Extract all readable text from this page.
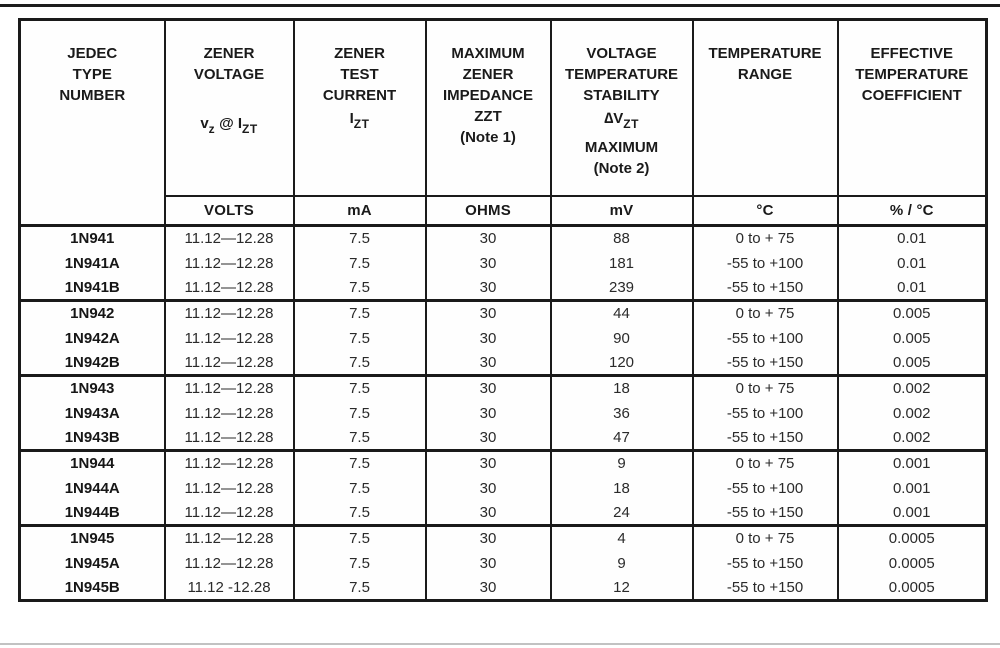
JEDEC
TYPE
NUMBER

ZENER
VOLTAGE
vz @ IZT

ZENER
TEST
CURRENT
IZT

MAXIMUM
ZENER
IMPEDANCE
ZZT
(Note 1)

VOLTAGE
TEMPERATURE
STABILITY
∆VZT
MAXIMUM
(Note 2)

TEMPERATURE
RANGE

EFFECTIVE
TEMPERATURE
COEFFICIENT

	VOLTS	mA	OHMS	mV	°C	% / °C
1N941	11.12—12.28	7.5	30	88	0 to + 75	0.01
1N941A	11.12—12.28	7.5	30	181	-55 to +100	0.01
1N941B	11.12—12.28	7.5	30	239	-55 to +150	0.01
1N942	11.12—12.28	7.5	30	44	0 to + 75	0.005
1N942A	11.12—12.28	7.5	30	90	-55 to +100	0.005
1N942B	11.12—12.28	7.5	30	120	-55 to +150	0.005
1N943	11.12—12.28	7.5	30	18	0 to + 75	0.002
1N943A	11.12—12.28	7.5	30	36	-55 to +100	0.002
1N943B	11.12—12.28	7.5	30	47	-55 to +150	0.002
1N944	11.12—12.28	7.5	30	9	0 to + 75	0.001
1N944A	11.12—12.28	7.5	30	18	-55 to +100	0.001
1N944B	11.12—12.28	7.5	30	24	-55 to +150	0.001
1N945	11.12—12.28	7.5	30	4	0 to + 75	0.0005
1N945A	11.12—12.28	7.5	30	9	-55 to +150	0.0005
1N945B	11.12 -12.28	7.5	30	12	-55 to +150	0.0005
